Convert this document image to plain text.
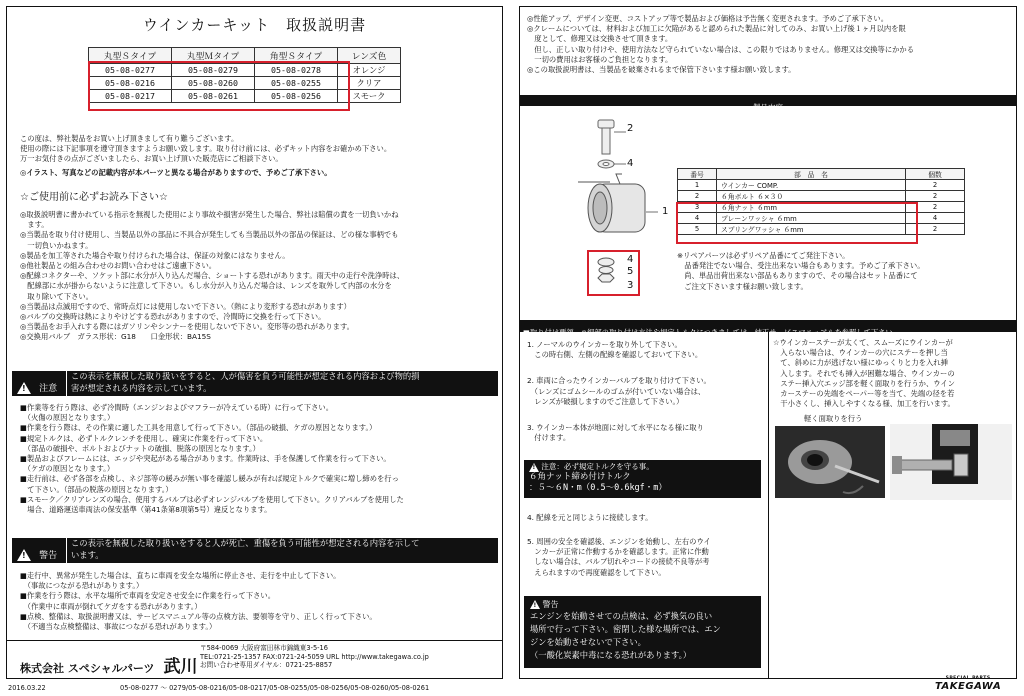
ウインカーキット　取扱説明書
丸型Ｓタイプ	丸型Ｍタイプ	角型Ｓタイプ	レンズ色
05-08-0277	05-08-0279	05-08-0278	オレンジ
05-08-0216	05-08-0260	05-08-0255	クリア
05-08-0217	05-08-0261	05-08-0256	スモーク
この度は、弊社製品をお買い上げ頂きまして有り難うございます。
使用の際には下記事項を遵守頂きますようお願い致します。取り付け前には、必ずキット内容をお確かめ下さい。
万一お気付きの点がございましたら、お買い上げ頂いた販売店にご相談下さい。
◎イラスト、写真などの記載内容が本パーツと異なる場合がありますので、予めご了承下さい。
☆ご使用前に必ずお読み下さい☆
◎取扱説明書に書かれている指示を無視した使用により事故や損害が発生した場合、弊社は賠償の責を一切負いかね
　ます。
◎当製品を取り付け使用し、当製品以外の部品に不具合が発生しても当製品以外の部品の保証は、どの様な事柄でも
　一切負いかねます。
◎製品を加工等された場合や取り付けられた場合は、保証の対象にはなりません。
◎他社製品との組み合わせのお問い合わせはご遠慮下さい。
◎配線コネクターや、ソケット部に水分が入り込んだ場合、ショートする恐れがあります。雨天中の走行や洗浄時は、
　配線部に水が掛からないように注意して下さい。もし水分が入り込んだ場合は、レンズを取外して内部の水分を
　取り除いて下さい。
◎当製品は点滅用ですので、常時点灯には使用しないで下さい。（熱により変形する恐れがあります）
◎バルブの交換時は熱によりやけどする恐れがありますので、冷間時に交換を行って下さい。
◎当製品をお手入れする際にはガソリンやシンナーを使用しないで下さい。変形等の恐れがあります。
◎交換用バルブ　ガラス形状：G18　　口金形状：BA15S
! 注意
この表示を無視した取り扱いをすると、人が傷害を負う可能性が想定される内容および物的損
害が想定される内容を示しています。
■作業等を行う際は、必ず冷間時（エンジンおよびマフラーが冷えている時）に行って下さい。
　（火傷の原因となります。）
■作業を行う際は、その作業に適した工具を用意して行って下さい。（部品の破損、ケガの原因となります。）
■規定トルクは、必ずトルクレンチを使用し、確実に作業を行って下さい。
　（部品の破損や、ボルトおよびナットの破損、脱落の原因となります。）
■製品およびフレームには、エッジや突起がある場合があります。作業時は、手を保護して作業を行って下さい。
　（ケガの原因となります。）
■走行前は、必ず各部を点検し、ネジ部等の緩みが無い事を確認し緩みが有れば規定トルクで確実に増し締めを行っ
　て下さい。（部品の脱落の原因となります。）
■スモーク／クリアレンズの場合、使用するバルブは必ずオレンジバルブを使用して下さい。クリアバルブを使用した
　場合、道路運送車両法の保安基準（第41条第8項第5号）違反となります。
! 警告
この表示を無視した取り扱いをすると人が死亡、重傷を負う可能性が想定される内容を示して
います。
■走行中、異常が発生した場合は、直ちに車両を安全な場所に停止させ、走行を中止して下さい。
　（事故につながる恐れがあります。）
■作業を行う際は、水平な場所で車両を安定させ安全に作業を行って下さい。
　（作業中に車両が倒れてケガをする恐れがあります。）
■点検、整備は、取扱説明書又は、サービスマニュアル等の点検方法、要領等を守り、正しく行って下さい。
　（不適当な点検整備は、事故につながる恐れがあります。）
株式会社 スペシャルパーツ 武川
〒584-0069 大阪府富田林市錦織東3-5-16
TEL:0721-25-1357 FAX:0721-24-5059 URL http://www.takegawa.co.jp
お問い合わせ専用ダイヤル：0721-25-8857
2016.03.22
◎性能アップ、デザイン変更、コストアップ等で製品および価格は予告無く変更されます。予めご了承下さい。
◎クレームについては、材料および加工に欠陥があると認められた製品に対してのみ、お買い上げ後１ヶ月以内を限
　度として、修理又は交換させて頂きます。
　但し、正しい取り付けや、使用方法など守られていない場合は、この限りではありません。修理又は交換等にかかる
　一切の費用はお客様のご負担となります。
◎この取扱説明書は、当製品を破棄されるまで保管下さいます様お願い致します。
製品内容
2
4
1
4
5
3
番号	部　品　名	個数
1	ウインカー COMP.	2
2	６角ボルト ６×３０	2
3	６角ナット ６mm	2
4	プレーンワッシャ ６mm	4
5	スプリングワッシャ ６mm	2
※リペアパーツは必ずリペア品番にてご発注下さい。
　品番発注でない場合、受注出来ない場合もあります。予めご了承下さい。
　尚、単品出荷出来ない部品もありますので、その場合はセット品番にて
　ご注文下さいます様お願い致します。
■取り付け要領　※細部の取り付け方法や規定トルクにつきましては、純正サービスマニュアルを参照して下さい。
1. ノーマルのウインカーを取り外して下さい。
　この時右側、左側の配線を確認しておいて下さい。
2. 車両に合ったウインカーバルブを取り付けて下さい。
　（レンズにゴムシールのゴムが付いていない場合は、
　レンズが破損しますのでご注意して下さい。）
3. ウインカー本体が地面に対して水平になる様に取り
　付けます。
! 注意：必ず規定トルクを守る事。
６角ナット締め付けトルク
：５～６N・m（0.5～0.6kgf・m）
4. 配線を元と同じように接続します。
5. 周囲の安全を確認後、エンジンを始動し、左右のウイ
　ンカーが正常に作動するかを確認します。正常に作動
　しない場合は、バルブ切れやコードの接続不良等が考
　えられますので再度確認をして下さい。
! 警告
エンジンを始動させての点検は、必ず換気の良い
場所で行って下さい。密閉した様な場所では、エン
ジンを始動させないで下さい。
（一酸化炭素中毒になる恐れがあります。）
☆ウインカーステーが太くて、スムーズにウインカーが
　入らない場合は、ウインカーの穴にステーを押し当
　て、斜めに力が逃げない様にゆっくりと力を入れ挿
　入します。それでも挿入が困難な場合、ウインカーの
　ステー挿入穴エッジ部を軽く面取りを行うか、ウイン
　カーステーの先端をペーパー等を当て、先端の径を若
　干小さくし、挿入しやすくなる様、加工を行います。
軽く面取りを行う
05-08-0277 ～ 0279/05-08-0216/05-08-0217/05-08-0255/05-08-0256/05-08-0260/05-08-0261
SPECIAL PARTS
TAKEGAWA
